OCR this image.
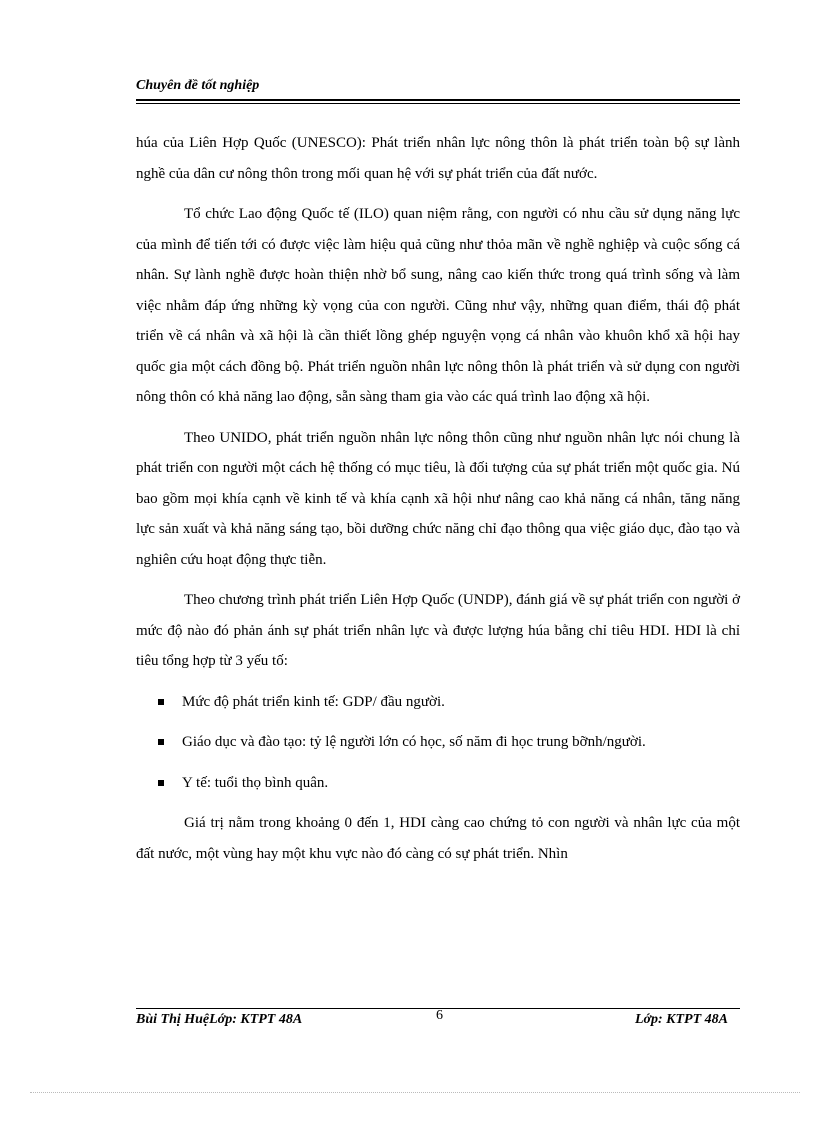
Chuyên đề tốt nghiệp

húa của Liên Hợp Quốc (UNESCO): Phát triển nhân lực nông thôn là phát triển toàn bộ sự lành nghề của dân cư nông thôn trong mối quan hệ với sự phát triển của đất nước.

Tổ chức Lao động Quốc tế (ILO) quan niệm rằng, con người có nhu cầu sử dụng năng lực của mình để tiến tới có được việc làm hiệu quả cũng như thỏa mãn về nghề nghiệp và cuộc sống cá nhân. Sự lành nghề được hoàn thiện nhờ bổ sung, nâng cao kiến thức trong quá trình sống và làm việc nhằm đáp ứng những kỳ vọng của con người. Cũng như vậy, những quan điểm, thái độ phát triển về cá nhân và xã hội là cần thiết lồng ghép nguyện vọng cá nhân vào khuôn khổ xã hội hay quốc gia một cách đồng bộ. Phát triển nguồn nhân lực nông thôn là phát triển và sử dụng con người nông thôn có khả năng lao động, sẵn sàng tham gia vào các quá trình lao động xã hội.

Theo UNIDO, phát triển nguồn nhân lực nông thôn cũng như nguồn nhân lực nói chung là phát triển con người một cách hệ thống có mục tiêu, là đối tượng của sự phát triển một quốc gia. Nú bao gồm mọi khía cạnh về kinh tế và khía cạnh xã hội như nâng cao khả năng cá nhân, tăng năng lực sản xuất và khả năng sáng tạo, bồi dưỡng chức năng chỉ đạo thông qua việc giáo dục, đào tạo và nghiên cứu hoạt động thực tiễn.

Theo chương trình phát triển Liên Hợp Quốc (UNDP), đánh giá về sự phát triển con người ở mức độ nào đó phản ánh sự phát triển nhân lực và được lượng húa bằng chỉ tiêu HDI. HDI là chỉ tiêu tổng hợp từ 3 yếu tố:

Mức độ phát triển kinh tế: GDP/ đầu người.
Giáo dục và đào tạo: tỷ lệ người lớn có học, số năm đi học trung bỡnh/người.
Y tế: tuổi thọ bình quân.

Giá trị nằm trong khoảng 0 đến 1, HDI càng cao chứng tỏ con người và nhân lực của một đất nước, một vùng hay một khu vực nào đó càng có sự phát triển. Nhìn

Bùi Thị HuệLớp: KTPT 48A	6	Lớp: KTPT 48A
